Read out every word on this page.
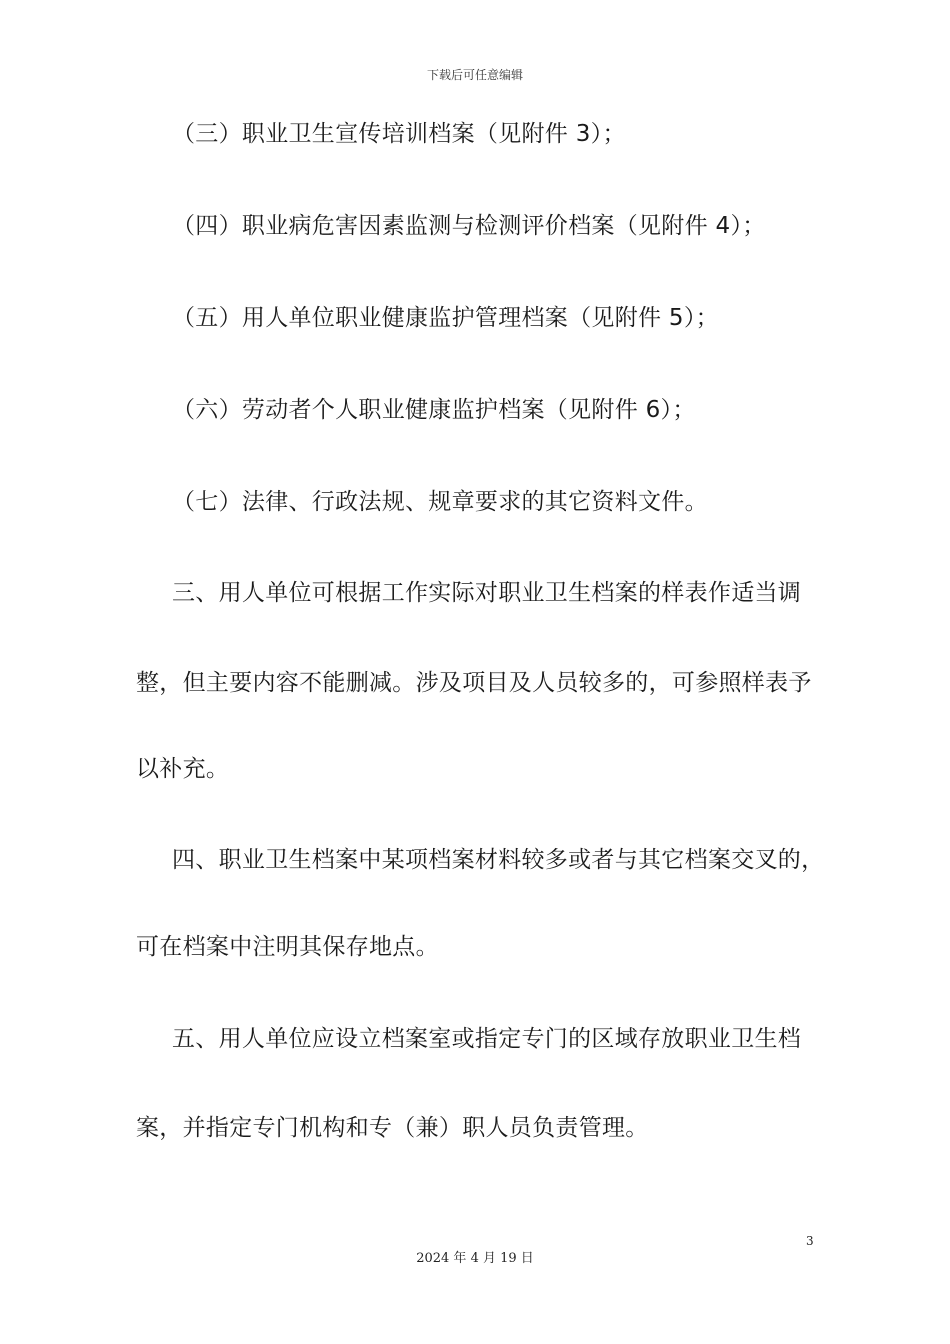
下载后可任意编辑
（三）职业卫生宣传培训档案（见附件 3）；
（四）职业病危害因素监测与检测评价档案（见附件 4）；
（五）用人单位职业健康监护管理档案（见附件 5）；
（六）劳动者个人职业健康监护档案（见附件 6）；
（七）法律、行政法规、规章要求的其它资料文件。
三、用人单位可根据工作实际对职业卫生档案的样表作适当调
整，但主要内容不能删减。涉及项目及人员较多的，可参照样表予
以补充。
四、职业卫生档案中某项档案材料较多或者与其它档案交叉的，
可在档案中注明其保存地点。
五、用人单位应设立档案室或指定专门的区域存放职业卫生档
案，并指定专门机构和专（兼）职人员负责管理。
3
2024 年 4 月 19 日
